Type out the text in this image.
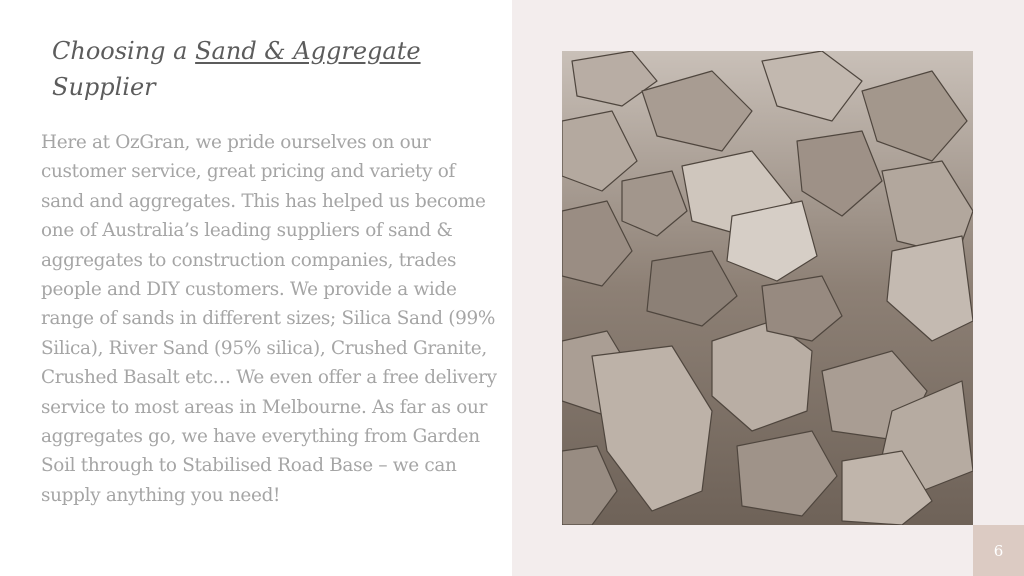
Choosing a Sand & Aggregate
Supplier
Here at OzGran, we pride ourselves on our customer service, great pricing and variety of sand and aggregates. This has helped us become one of Australia’s leading suppliers of sand & aggregates to construction companies, trades people and DIY customers. We provide a wide range of sands in different sizes; Silica Sand (99% Silica), River Sand (95% silica), Crushed Granite, Crushed Basalt etc… We even offer a free delivery service to most areas in Melbourne. As far as our aggregates go, we have everything from Garden Soil through to Stabilised Road Base – we can supply anything you need!
6
